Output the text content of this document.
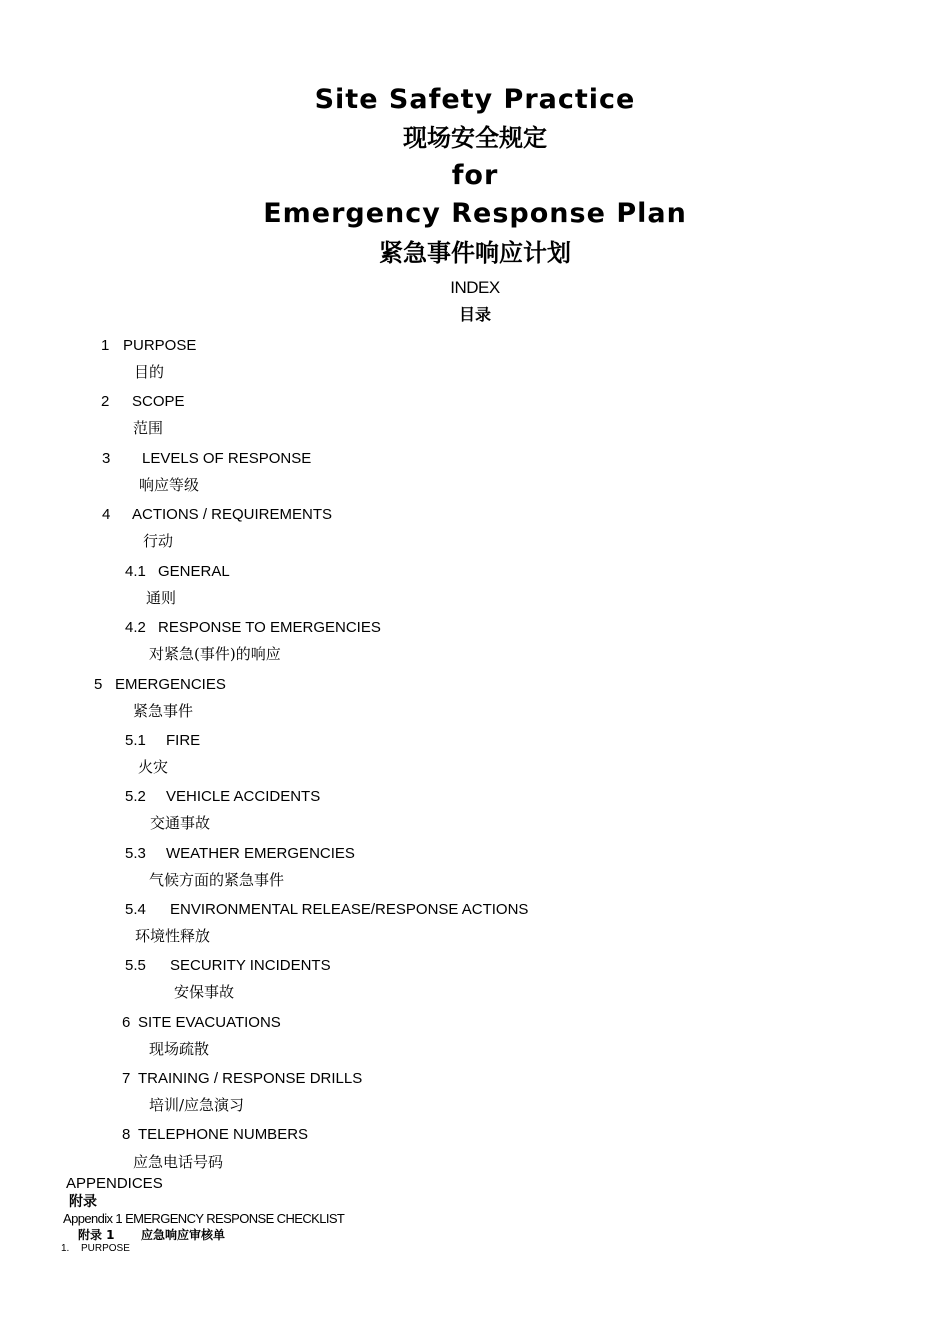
Site Safety Practice
现场安全规定
for
Emergency Response Plan
紧急事件响应计划
INDEX
目录
1 PURPOSE
目的
2 SCOPE
范围
3 LEVELS OF RESPONSE
响应等级
4 ACTIONS / REQUIREMENTS
行动
4.1 GENERAL
通则
4.2 RESPONSE TO EMERGENCIES
对紧急(事件)的响应
5 EMERGENCIES
紧急事件
5.1 FIRE
火灾
5.2 VEHICLE ACCIDENTS
交通事故
5.3 WEATHER EMERGENCIES
气候方面的紧急事件
5.4 ENVIRONMENTAL RELEASE/RESPONSE ACTIONS
环境性释放
5.5 SECURITY INCIDENTS
安保事故
6 SITE EVACUATIONS
现场疏散
7 TRAINING / RESPONSE DRILLS
培训/应急演习
8 TELEPHONE NUMBERS
应急电话号码
APPENDICES
附录
Appendix 1 EMERGENCY RESPONSE CHECKLIST
附录 1 应急响应审核单
1. PURPOSE
